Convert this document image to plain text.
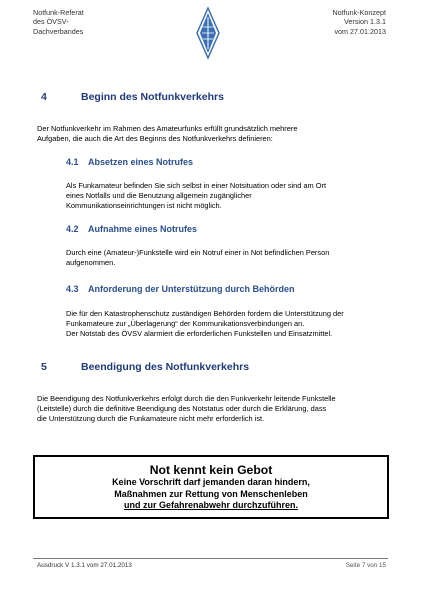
Notfunk-Referat
des ÖVSV-
Dachverbandes
Notfunk-Konzept
Version 1.3.1
vom 27.01.2013
4	Beginn des Notfunkverkehrs
Der Notfunkverkehr im Rahmen des Amateurfunks erfüllt grundsätzlich mehrere
Aufgaben, die auch die Art des Beginns des Notfunkverkehrs definieren:
4.1 Absetzen eines Notrufes
Als Funkamateur befinden Sie sich selbst in einer Notsituation oder sind am Ort
eines Notfalls und die Benutzung allgemein zugänglicher
Kommunikationseinrichtungen ist nicht möglich.
4.2 Aufnahme eines Notrufes
Durch eine (Amateur-)Funkstelle wird ein Notruf einer in Not befindlichen Person
aufgenommen.
4.3 Anforderung der Unterstützung durch Behörden
Die für den Katastrophenschutz zuständigen Behörden fordern die Unterstützung der
Funkamateure zur „Überlagerung“ der Kommunikationsverbindungen an.
Der Notstab des ÖVSV alarmiert die erforderlichen Funkstellen und Einsatzmittel.
5	Beendigung des Notfunkverkehrs
Die Beendigung des Notfunkverkehrs erfolgt durch die den Funkverkehr leitende Funkstelle
(Leitstelle) durch die definitive Beendigung des Notstatus oder durch die Erklärung, dass
die Unterstützung durch die Funkamateure nicht mehr erforderlich ist.
Not kennt kein Gebot
Keine Vorschrift darf jemanden daran hindern,
Maßnahmen zur Rettung von Menschenleben
und zur Gefahrenabwehr durchzuführen.
Ausdruck V 1.3.1 vom 27.01.2013	Seite 7 von 15
